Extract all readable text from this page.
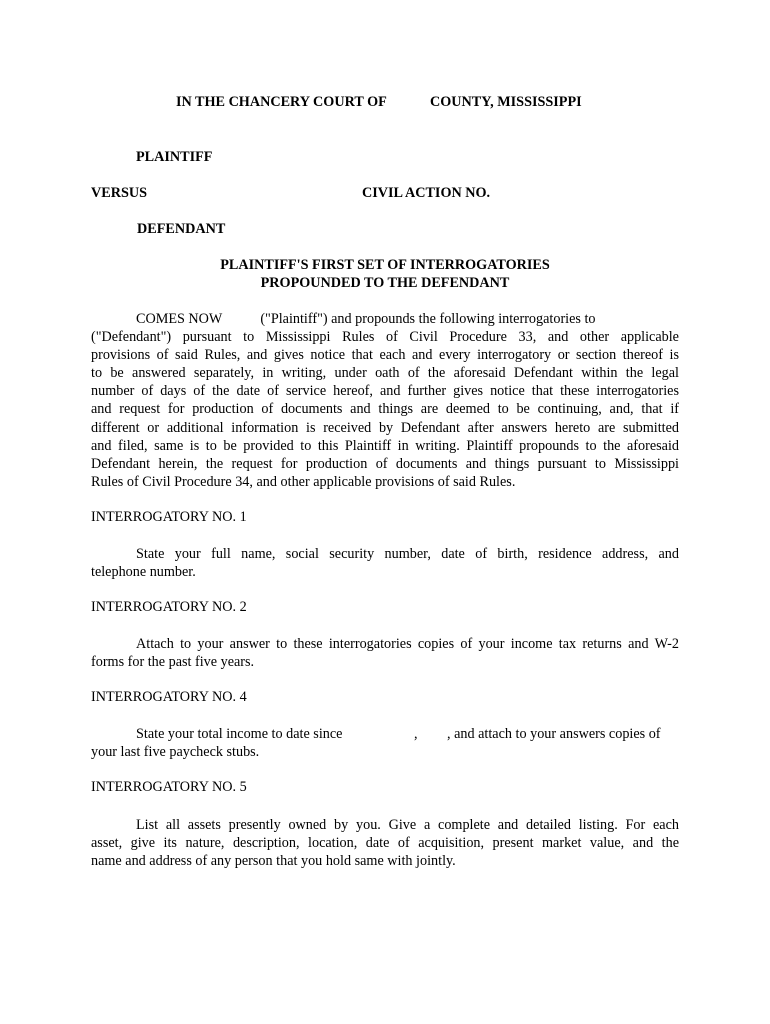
IN THE CHANCERY COURT OF	COUNTY, MISSISSIPPI
PLAINTIFF
VERSUS	CIVIL ACTION NO.
DEFENDANT
PLAINTIFF'S FIRST SET OF INTERROGATORIES
PROPOUNDED TO THE DEFENDANT
COMES NOW	("Plaintiff") and propounds the following interrogatories to
("Defendant") pursuant to Mississippi Rules of Civil Procedure 33, and other applicable
provisions of said Rules, and gives notice that each and every interrogatory or section thereof is
to be answered separately, in writing, under oath of the aforesaid Defendant within the legal
number of days of the date of service hereof, and further gives notice that these interrogatories
and request for production of documents and things are deemed to be continuing, and, that if
different or additional information is received by Defendant after answers hereto are submitted
and filed, same is to be provided to this Plaintiff in writing. Plaintiff propounds to the aforesaid
Defendant herein, the request for production of documents and things pursuant to Mississippi
Rules of Civil Procedure 34, and other applicable provisions of said Rules.
INTERROGATORY NO. 1
State your full name, social security number, date of birth, residence address, and
telephone number.
INTERROGATORY NO. 2
Attach to your answer to these interrogatories copies of your income tax returns and W-2
forms for the past five years.
INTERROGATORY NO. 4
State your total income to date since	, , and attach to your answers copies of
your last five paycheck stubs.
INTERROGATORY NO. 5
List all assets presently owned by you. Give a complete and detailed listing. For each
asset, give its nature, description, location, date of acquisition, present market value, and the
name and address of any person that you hold same with jointly.
